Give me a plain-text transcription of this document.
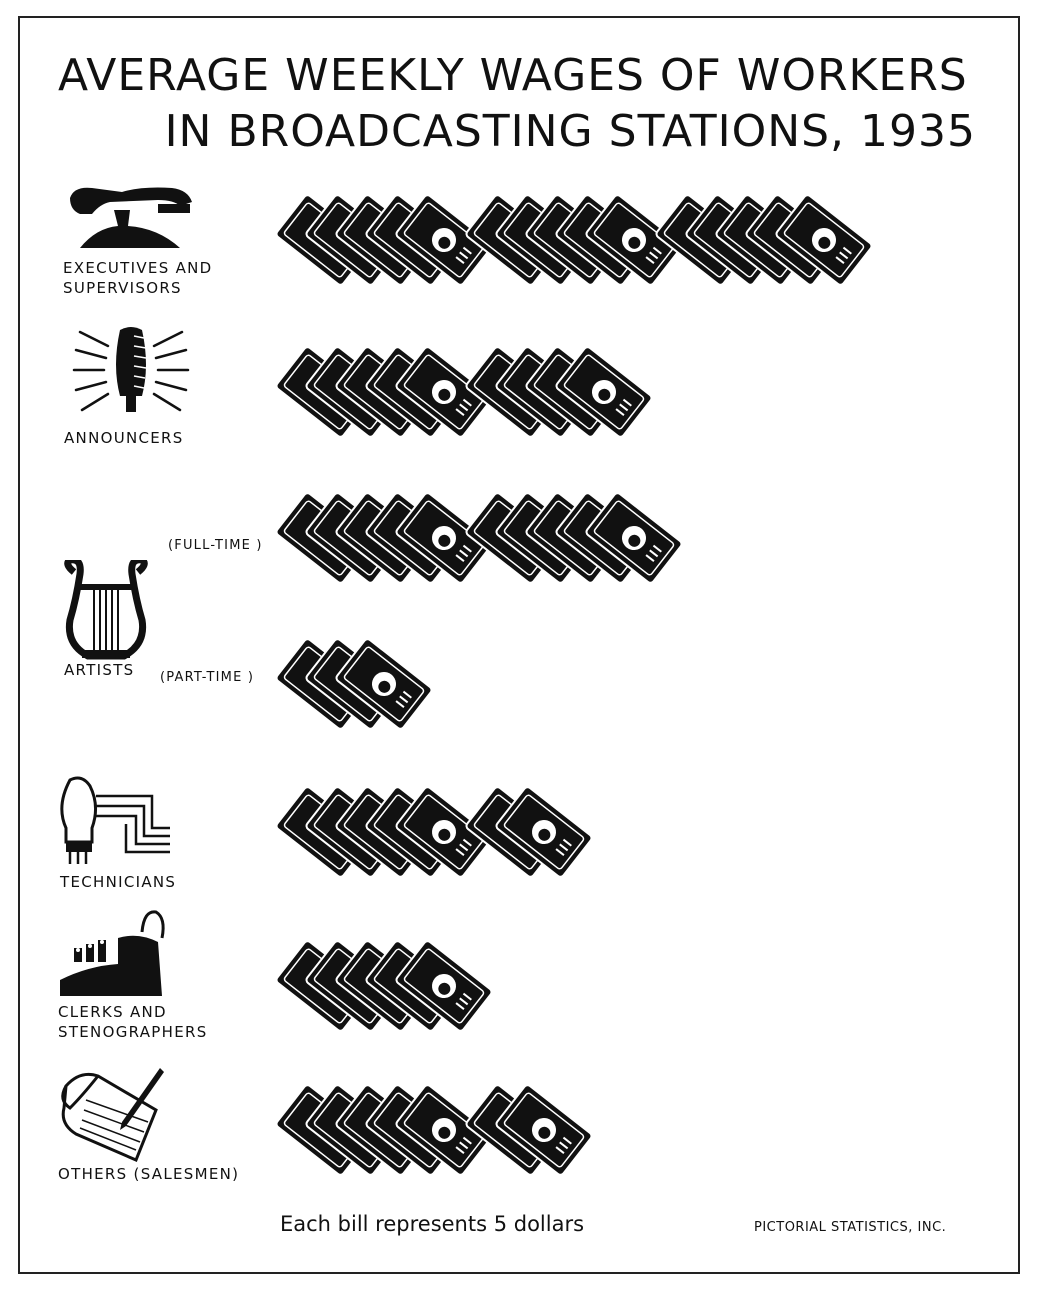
AVERAGE WEEKLY WAGES OF WORKERS
IN BROADCASTING STATIONS, 1935
EXECUTIVES AND
SUPERVISORS
ANNOUNCERS
(FULL-TIME )
ARTISTS (PART-TIME )
TECHNICIANS
CLERKS AND
STENOGRAPHERS
OTHERS (SALESMEN)
Each bill represents 5 dollars	PICTORIAL STATISTICS, INC.
